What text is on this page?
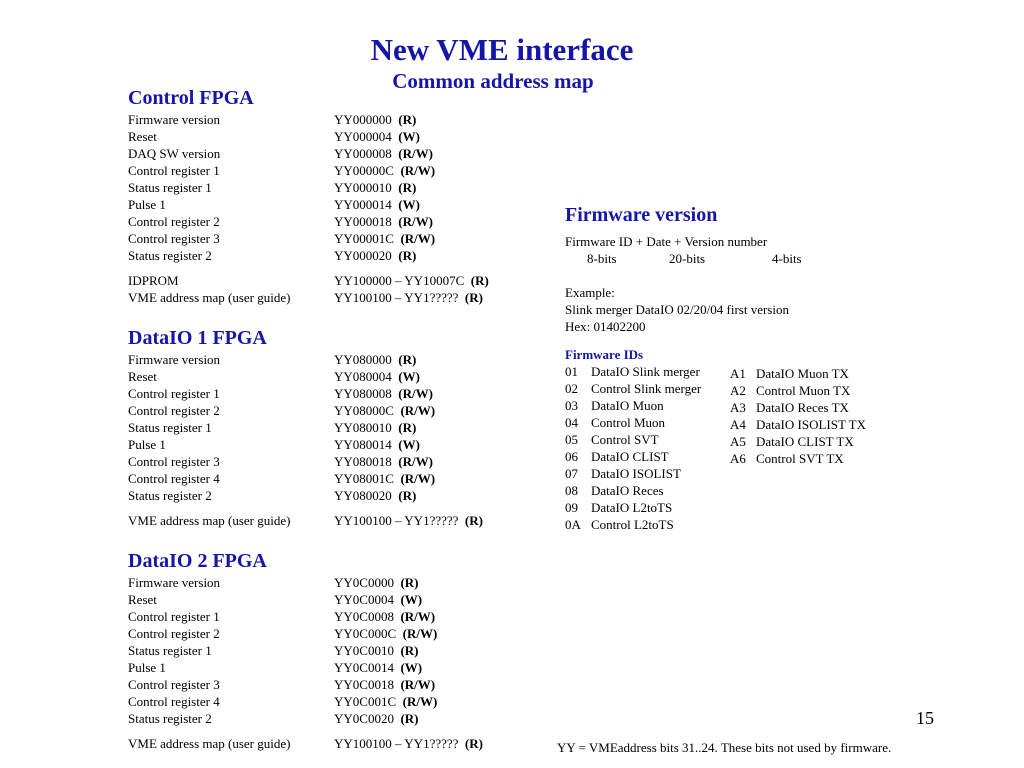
New VME interface
Common address map
Control FPGA
Firmware version	YY000000 (R)
Reset	YY000004 (W)
DAQ SW version	YY000008 (R/W)
Control register 1	YY00000C (R/W)
Status register 1	YY000010 (R)
Pulse 1	YY000014 (W)
Control register 2	YY000018 (R/W)
Control register 3	YY00001C (R/W)
Status register 2	YY000020 (R)
IDPROM	YY100000 – YY10007C (R)
VME address map (user guide)	YY100100 – YY1????? (R)
DataIO 1 FPGA
Firmware version	YY080000 (R)
Reset	YY080004 (W)
Control register 1	YY080008 (R/W)
Control register 2	YY08000C (R/W)
Status register 1	YY080010 (R)
Pulse 1	YY080014 (W)
Control register 3	YY080018 (R/W)
Control register 4	YY08001C (R/W)
Status register 2	YY080020 (R)
VME address map (user guide)	YY100100 – YY1????? (R)
DataIO 2 FPGA
Firmware version	YY0C0000 (R)
Reset	YY0C0004 (W)
Control register 1	YY0C0008 (R/W)
Control register 2	YY0C000C (R/W)
Status register 1	YY0C0010 (R)
Pulse 1	YY0C0014 (W)
Control register 3	YY0C0018 (R/W)
Control register 4	YY0C001C (R/W)
Status register 2	YY0C0020 (R)
VME address map (user guide)	YY100100 – YY1????? (R)
Firmware version
Firmware ID + Date + Version number
8-bits	20-bits	4-bits
Example:
Slink merger DataIO 02/20/04 first version
Hex: 01402200
Firmware IDs
01 DataIO Slink merger
02 Control Slink merger
03 DataIO Muon
04 Control Muon
05 Control SVT
06 DataIO CLIST
07 DataIO ISOLIST
08 DataIO Reces
09 DataIO L2toTS
0A Control L2toTS
A1 DataIO Muon TX
A2 Control Muon TX
A3 DataIO Reces TX
A4 DataIO ISOLIST TX
A5 DataIO CLIST TX
A6 Control SVT TX
15
YY = VMEaddress bits 31..24. These bits not used by firmware.
